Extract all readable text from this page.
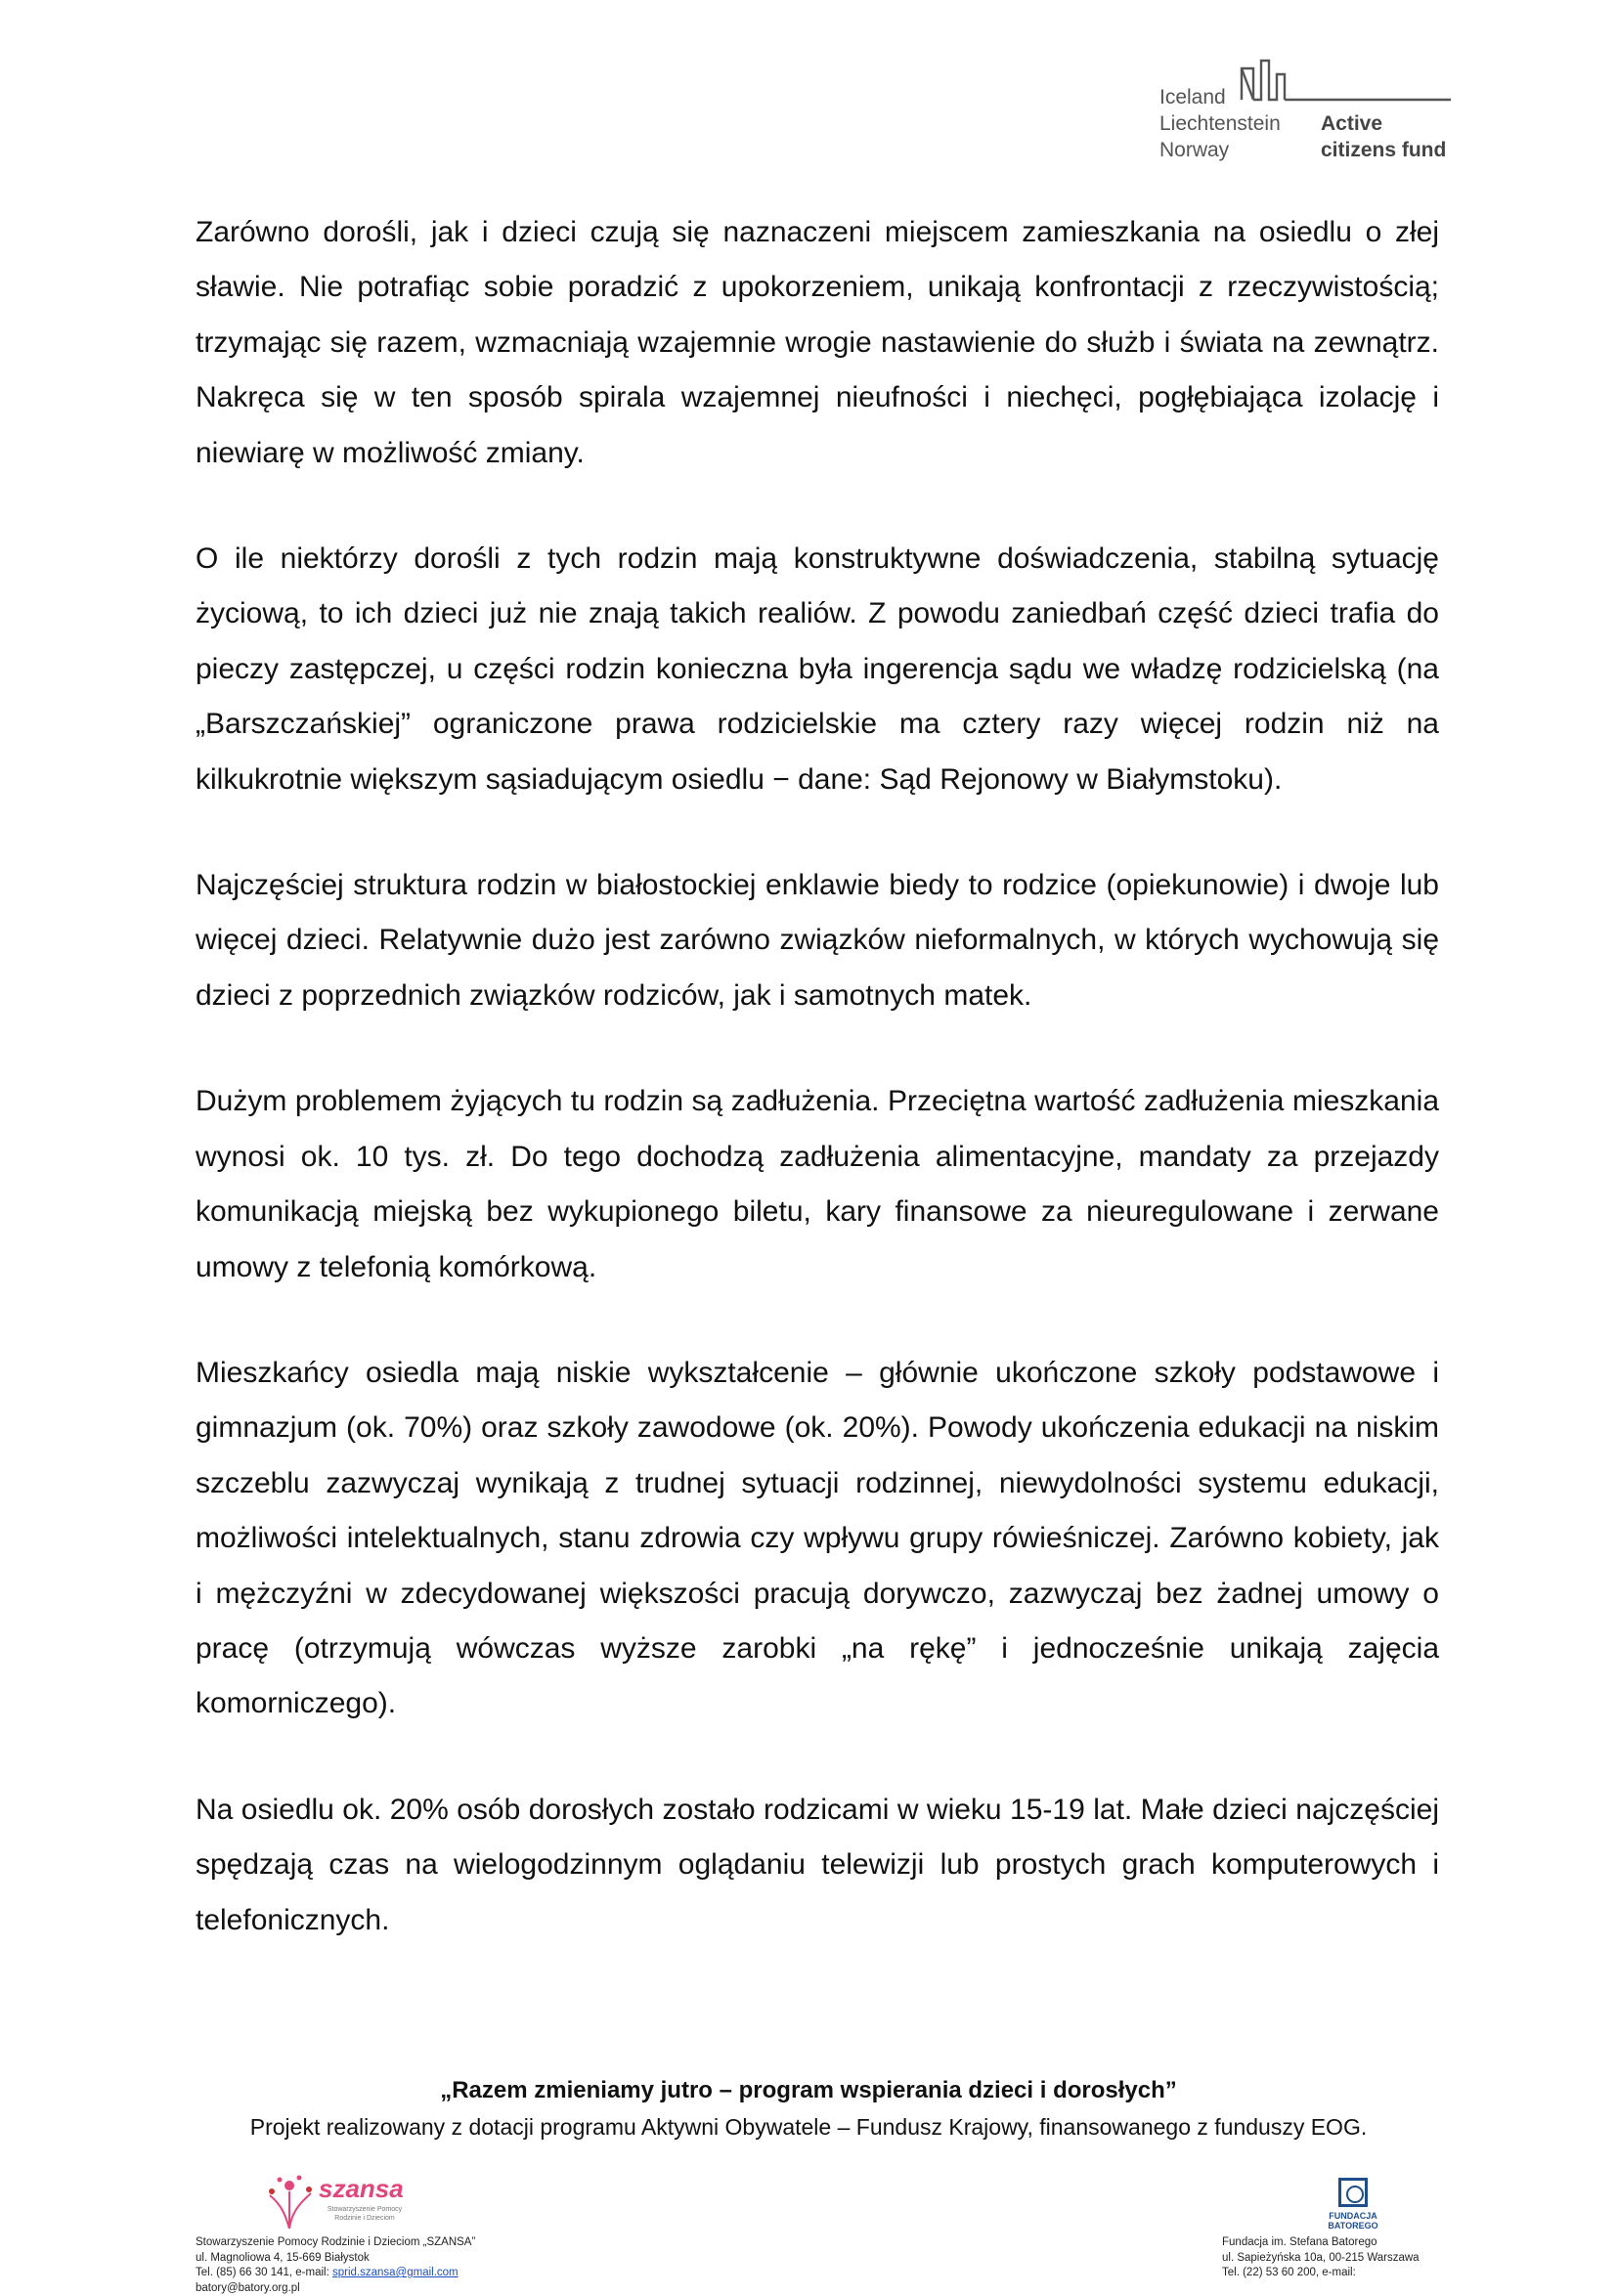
Iceland
Liechtenstein
Norway
Active
citizens fund

Zarówno dorośli, jak i dzieci czują się naznaczeni miejscem zamieszkania na osiedlu o złej sławie. Nie potrafiąc sobie poradzić z upokorzeniem, unikają konfrontacji z rzeczywistością; trzymając się razem, wzmacniają wzajemnie wrogie nastawienie do służb i świata na zewnątrz. Nakręca się w ten sposób spirala wzajemnej nieufności i niechęci, pogłębiająca izolację i niewiarę w możliwość zmiany.

O ile niektórzy dorośli z tych rodzin mają konstruktywne doświadczenia, stabilną sytuację życiową, to ich dzieci już nie znają takich realiów. Z powodu zaniedbań część dzieci trafia do pieczy zastępczej, u części rodzin konieczna była ingerencja sądu we władzę rodzicielską (na „Barszczańskiej” ograniczone prawa rodzicielskie ma cztery razy więcej rodzin niż na kilkukrotnie większym sąsiadującym osiedlu − dane: Sąd Rejonowy w Białymstoku).

Najczęściej struktura rodzin w białostockiej enklawie biedy to rodzice (opiekunowie) i dwoje lub więcej dzieci. Relatywnie dużo jest zarówno związków nieformalnych, w których wychowują się dzieci z poprzednich związków rodziców, jak i samotnych matek.

Dużym problemem żyjących tu rodzin są zadłużenia. Przeciętna wartość zadłużenia mieszkania wynosi ok. 10 tys. zł. Do tego dochodzą zadłużenia alimentacyjne, mandaty za przejazdy komunikacją miejską bez wykupionego biletu, kary finansowe za nieuregulowane i zerwane umowy z telefonią komórkową.

Mieszkańcy osiedla mają niskie wykształcenie – głównie ukończone szkoły podstawowe i gimnazjum (ok. 70%) oraz szkoły zawodowe (ok. 20%). Powody ukończenia edukacji na niskim szczeblu zazwyczaj wynikają z trudnej sytuacji rodzinnej, niewydolności systemu edukacji, możliwości intelektualnych, stanu zdrowia czy wpływu grupy rówieśniczej. Zarówno kobiety, jak i mężczyźni w zdecydowanej większości pracują dorywczo, zazwyczaj bez żadnej umowy o pracę (otrzymują wówczas wyższe zarobki „na rękę” i jednocześnie unikają zajęcia komorniczego).

Na osiedlu ok. 20% osób dorosłych zostało rodzicami w wieku 15-19 lat. Małe dzieci najczęściej spędzają czas na wielogodzinnym oglądaniu telewizji lub prostych grach komputerowych i telefonicznych.

„Razem zmieniamy jutro – program wspierania dzieci i dorosłych”
Projekt realizowany z dotacji programu Aktywni Obywatele – Fundusz Krajowy, finansowanego z funduszy EOG.
szansa
Stowarzyszenie Pomocy Rodzinie i Dzieciom	FUNDACJA
BATOREGO
Stowarzyszenie Pomocy Rodzinie i Dzieciom „SZANSA”
ul. Magnoliowa 4, 15-669 Białystok
Tel. (85) 66 30 141, e-mail: sprid.szansa@gmail.com
batory@batory.org.pl
Fundacja im. Stefana Batorego
ul. Sapieżyńska 10a, 00-215 Warszawa
Tel. (22) 53 60 200, e-mail:
